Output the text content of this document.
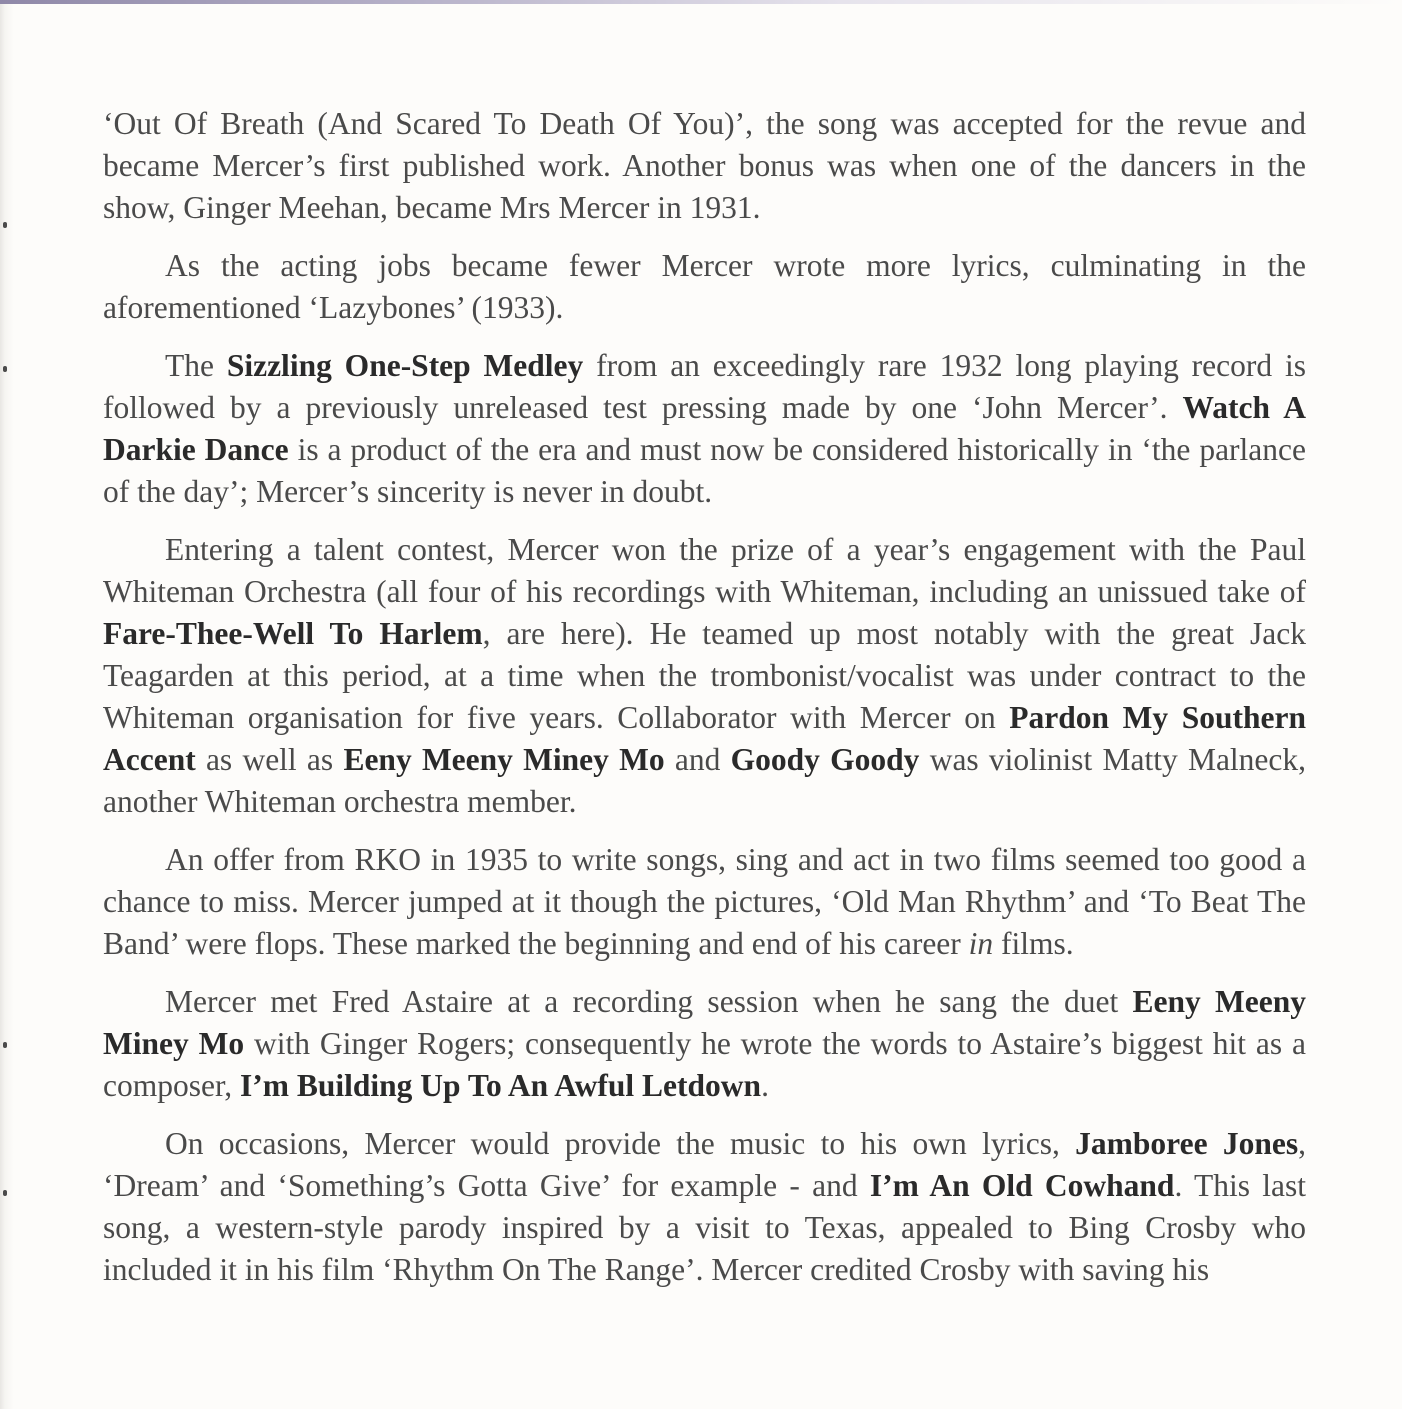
‘Out Of Breath (And Scared To Death Of You)’, the song was accepted for the revue and became Mercer’s first published work. Another bonus was when one of the dancers in the show, Ginger Meehan, became Mrs Mercer in 1931.

As the acting jobs became fewer Mercer wrote more lyrics, culminating in the aforementioned ‘Lazybones’ (1933).

The Sizzling One-Step Medley from an exceedingly rare 1932 long playing record is followed by a previously unreleased test pressing made by one ‘John Mercer’. Watch A Darkie Dance is a product of the era and must now be considered historically in ‘the parlance of the day’; Mercer’s sincerity is never in doubt.

Entering a talent contest, Mercer won the prize of a year’s engagement with the Paul Whiteman Orchestra (all four of his recordings with Whiteman, including an unissued take of Fare-Thee-Well To Harlem, are here). He teamed up most notably with the great Jack Teagarden at this period, at a time when the trombonist/vocalist was under contract to the Whiteman organisation for five years. Collaborator with Mercer on Pardon My Southern Accent as well as Eeny Meeny Miney Mo and Goody Goody was violinist Matty Malneck, another Whiteman orchestra member.

An offer from RKO in 1935 to write songs, sing and act in two films seemed too good a chance to miss. Mercer jumped at it though the pictures, ‘Old Man Rhythm’ and ‘To Beat The Band’ were flops. These marked the beginning and end of his career in films.

Mercer met Fred Astaire at a recording session when he sang the duet Eeny Meeny Miney Mo with Ginger Rogers; consequently he wrote the words to Astaire’s biggest hit as a composer, I’m Building Up To An Awful Letdown.

On occasions, Mercer would provide the music to his own lyrics, Jamboree Jones, ‘Dream’ and ‘Something’s Gotta Give’ for example - and I’m An Old Cowhand. This last song, a western-style parody inspired by a visit to Texas, appealed to Bing Crosby who included it in his film ‘Rhythm On The Range’. Mercer credited Crosby with saving his
